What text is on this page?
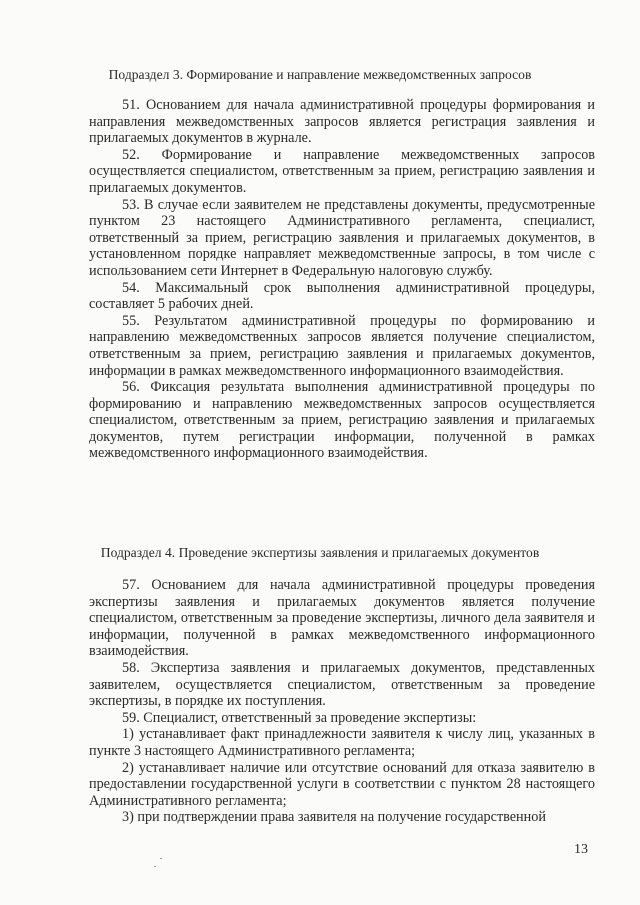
Подраздел 3. Формирование и направление межведомственных запросов

51. Основанием для начала административной процедуры формирования и направления межведомственных запросов является регистрация заявления и прилагаемых документов в журнале.

52. Формирование и направление межведомственных запросов осуществляется специалистом, ответственным за прием, регистрацию заявления и прилагаемых документов.

53. В случае если заявителем не представлены документы, предусмотренные пунктом 23 настоящего Административного регламента, специалист, ответственный за прием, регистрацию заявления и прилагаемых документов, в установленном порядке направляет межведомственные запросы, в том числе с использованием сети Интернет в Федеральную налоговую службу.

54. Максимальный срок выполнения административной процедуры, составляет 5 рабочих дней.

55. Результатом административной процедуры по формированию и направлению межведомственных запросов является получение специалистом, ответственным за прием, регистрацию заявления и прилагаемых документов, информации в рамках межведомственного информационного взаимодействия.

56. Фиксация результата выполнения административной процедуры по формированию и направлению межведомственных запросов осуществляется специалистом, ответственным за прием, регистрацию заявления и прилагаемых документов, путем регистрации информации, полученной в рамках межведомственного информационного взаимодействия.

Подраздел 4. Проведение экспертизы заявления и прилагаемых документов

57. Основанием для начала административной процедуры проведения экспертизы заявления и прилагаемых документов является получение специалистом, ответственным за проведение экспертизы, личного дела заявителя и информации, полученной в рамках межведомственного информационного взаимодействия.

58. Экспертиза заявления и прилагаемых документов, представленных заявителем, осуществляется специалистом, ответственным за проведение экспертизы, в порядке их поступления.

59. Специалист, ответственный за проведение экспертизы:

1) устанавливает факт принадлежности заявителя к числу лиц, указанных в пункте 3 настоящего Административного регламента;

2) устанавливает наличие или отсутствие оснований для отказа заявителю в предоставлении государственной услуги в соответствии с пунктом 28 настоящего Административного регламента;

3) при подтверждении права заявителя на получение государственной

13
